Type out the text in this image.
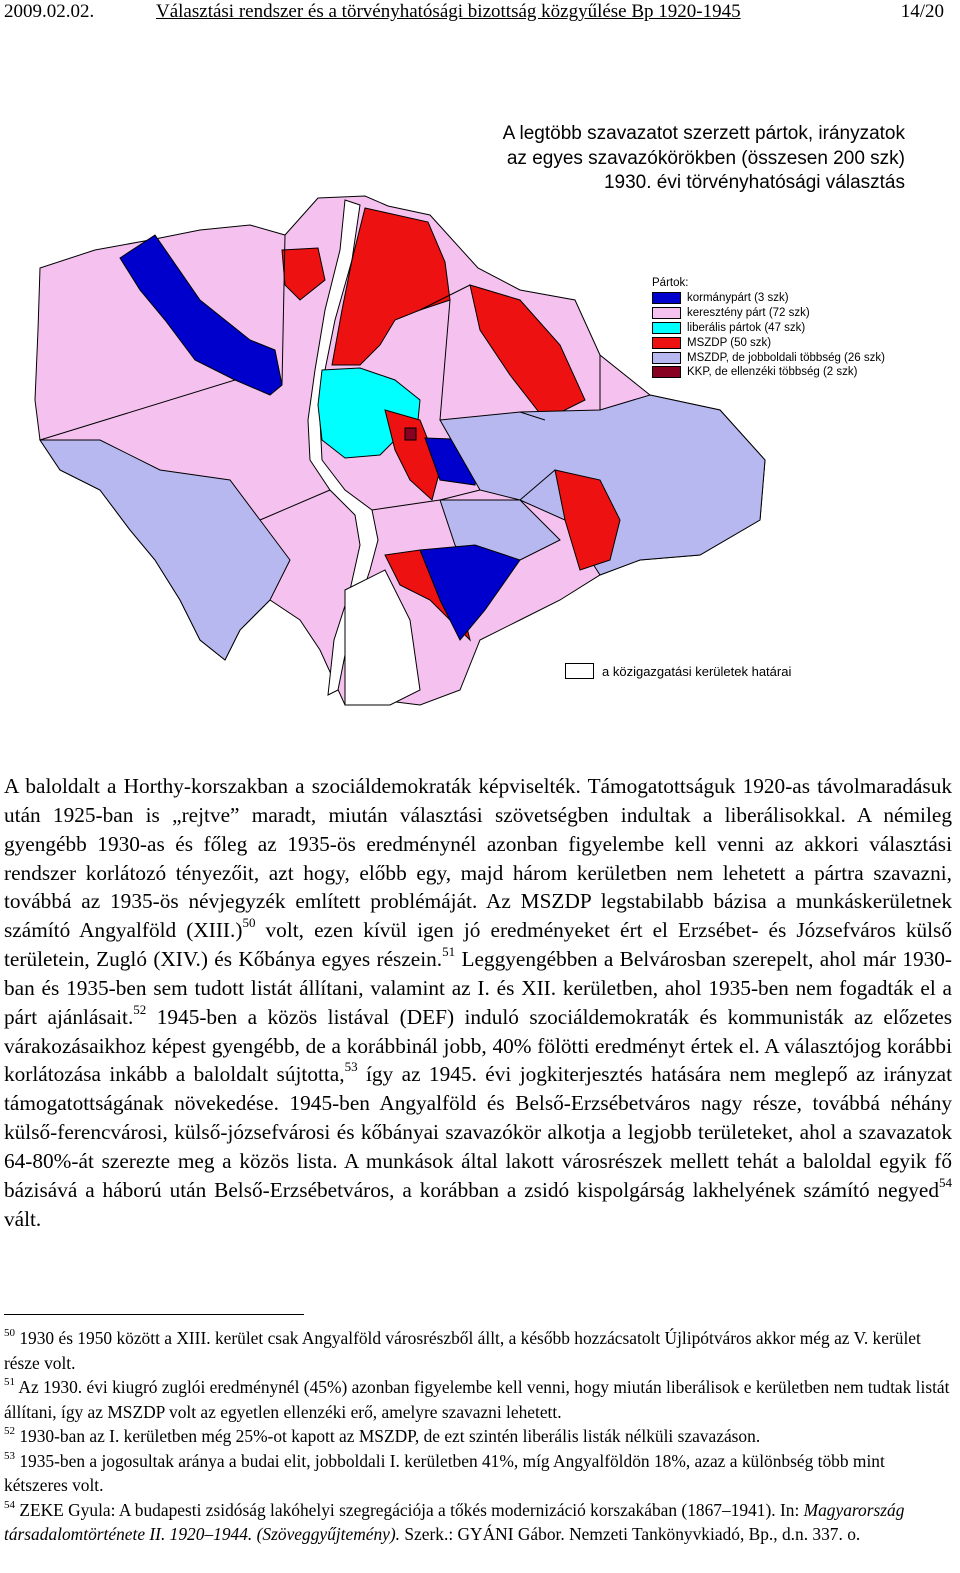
2009.02.02.	Választási rendszer és a törvényhatósági bizottság közgyűlése Bp 1920-1945	14/20
A legtöbb szavazatot szerzett pártok, irányzatok
az egyes szavazókörökben (összesen 200 szk)
1930. évi törvényhatósági választás
Pártok:
kormánypárt (3 szk)
keresztény párt (72 szk)
liberális pártok (47 szk)
MSZDP (50 szk)
MSZDP, de jobboldali többség (26 szk)
KKP, de ellenzéki többség (2 szk)
a közigazgatási kerületek határai
A baloldalt a Horthy-korszakban a szociáldemokraták képviselték. Támogatottságuk 1920-as távolmaradásuk után 1925-ban is „rejtve” maradt, miután választási szövetségben indultak a liberálisokkal. A némileg gyengébb 1930-as és főleg az 1935-ös eredménynél azonban figyelembe kell venni az akkori választási rendszer korlátozó tényezőit, azt hogy, előbb egy, majd három kerületben nem lehetett a pártra szavazni, továbbá az 1935-ös névjegyzék említett problémáját. Az MSZDP legstabilabb bázisa a munkáskerületnek számító Angyalföld (XIII.)$^{50}$ volt, ezen kívül igen jó eredményeket ért el Erzsébet- és Józsefváros külső területein, Zugló (XIV.) és Kőbánya egyes részein.$^{51}$ Leggyengébben a Belvárosban szerepelt, ahol már 1930-ban és 1935-ben sem tudott listát állítani, valamint az I. és XII. kerületben, ahol 1935-ben nem fogadták el a párt ajánlásait.$^{52}$ 1945-ben a közös listával (DEF) induló szociáldemokraták és kommunisták az előzetes várakozásaikhoz képest gyengébb, de a korábbinál jobb, 40% fölötti eredményt értek el. A választójog korábbi korlátozása inkább a baloldalt sújtotta,$^{53}$ így az 1945. évi jogkiterjesztés hatására nem meglepő az irányzat támogatottságának növekedése. 1945-ben Angyalföld és Belső-Erzsébetváros nagy része, továbbá néhány külső-ferencvárosi, külső-józsefvárosi és kőbányai szavazókör alkotja a legjobb területeket, ahol a szavazatok 64-80%-át szerezte meg a közös lista. A munkások által lakott városrészek mellett tehát a baloldal egyik fő bázisává a háború után Belső-Erzsébetváros, a korábban a zsidó kispolgárság lakhelyének számító negyed$^{54}$ vált.

$^{50}$ 1930 és 1950 között a XIII. kerület csak Angyalföld városrészből állt, a később hozzácsatolt Újlipótváros akkor még az V. kerület része volt.

$^{51}$ Az 1930. évi kiugró zuglói eredménynél (45%) azonban figyelembe kell venni, hogy miután liberálisok e kerületben nem tudtak listát állítani, így az MSZDP volt az egyetlen ellenzéki erő, amelyre szavazni lehetett.

$^{52}$ 1930-ban az I. kerületben még 25%-ot kapott az MSZDP, de ezt szintén liberális listák nélküli szavazáson.

$^{53}$ 1935-ben a jogosultak aránya a budai elit, jobboldali I. kerületben 41%, míg Angyalföldön 18%, azaz a különbség több mint kétszeres volt.

$^{54}$ ZEKE Gyula: A budapesti zsidóság lakóhelyi szegregációja a tőkés modernizáció korszakában (1867–1941). In: Magyarország társadalomtörténete II. 1920–1944. (Szöveggyűjtemény). Szerk.: GYÁNI Gábor. Nemzeti Tankönyvkiadó, Bp., d.n. 337. o.
